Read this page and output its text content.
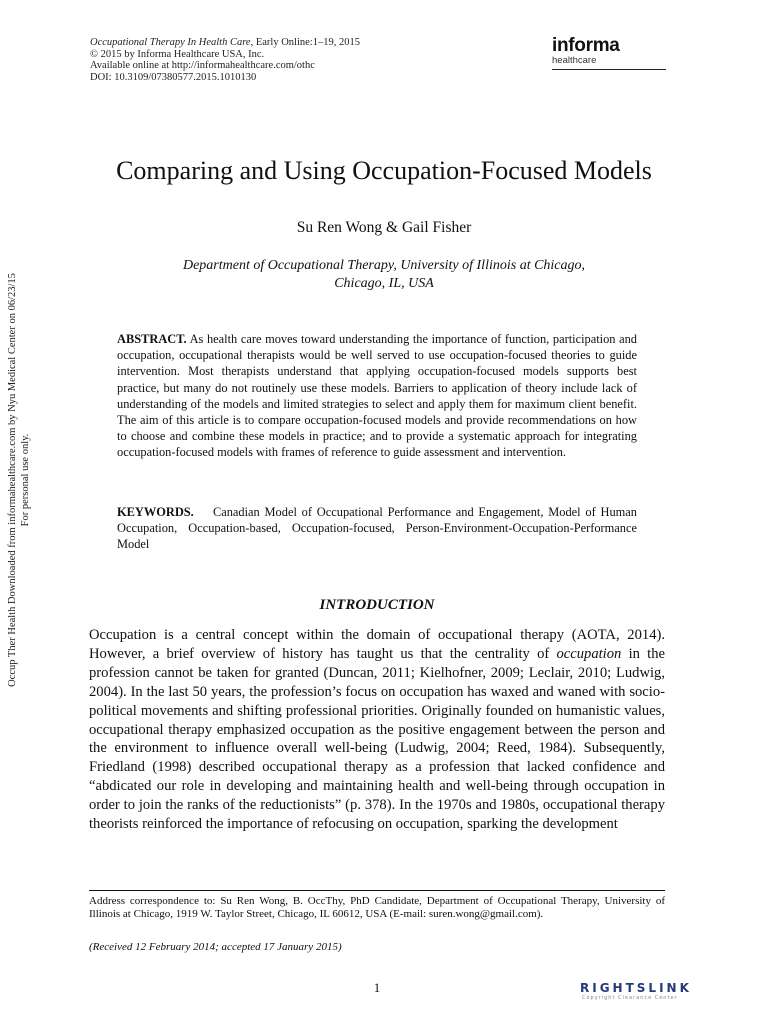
Occupational Therapy In Health Care, Early Online:1–19, 2015
© 2015 by Informa Healthcare USA, Inc.
Available online at http://informahealthcare.com/othc
DOI: 10.3109/07380577.2015.1010130
informa
healthcare
Occup Ther Health Downloaded from informahealthcare.com by Nyu Medical Center on 06/23/15 For personal use only.
Comparing and Using Occupation-Focused Models
Su Ren Wong & Gail Fisher
Department of Occupational Therapy, University of Illinois at Chicago,
Chicago, IL, USA
ABSTRACT. As health care moves toward understanding the importance of function, participation and occupation, occupational therapists would be well served to use occupation-focused theories to guide intervention. Most therapists understand that applying occupation-focused models supports best practice, but many do not routinely use these models. Barriers to application of theory include lack of understanding of the models and limited strategies to select and apply them for maximum client benefit. The aim of this article is to compare occupation-focused models and provide recommendations on how to choose and combine these models in practice; and to provide a systematic approach for integrating occupation-focused models with frames of reference to guide assessment and intervention.
KEYWORDS. Canadian Model of Occupational Performance and Engagement, Model of Human Occupation, Occupation-based, Occupation-focused, Person-Environment-Occupation-Performance Model
INTRODUCTION
Occupation is a central concept within the domain of occupational therapy (AOTA, 2014). However, a brief overview of history has taught us that the centrality of occupation in the profession cannot be taken for granted (Duncan, 2011; Kielhofner, 2009; Leclair, 2010; Ludwig, 2004). In the last 50 years, the profession’s focus on occupation has waxed and waned with socio-political movements and shifting professional priorities. Originally founded on humanistic values, occupational therapy emphasized occupation as the positive engagement between the person and the environment to influence overall well-being (Ludwig, 2004; Reed, 1984). Subsequently, Friedland (1998) described occupational therapy as a profession that lacked confidence and “abdicated our role in developing and maintaining health and well-being through occupation in order to join the ranks of the reductionists” (p. 378). In the 1970s and 1980s, occupational therapy theorists reinforced the importance of refocusing on occupation, sparking the development
Address correspondence to: Su Ren Wong, B. OccThy, PhD Candidate, Department of Occupational Therapy, University of Illinois at Chicago, 1919 W. Taylor Street, Chicago, IL 60612, USA (E-mail: suren.wong@gmail.com).
(Received 12 February 2014; accepted 17 January 2015)
1	RIGHTSLINK
Copyright Clearance Center
